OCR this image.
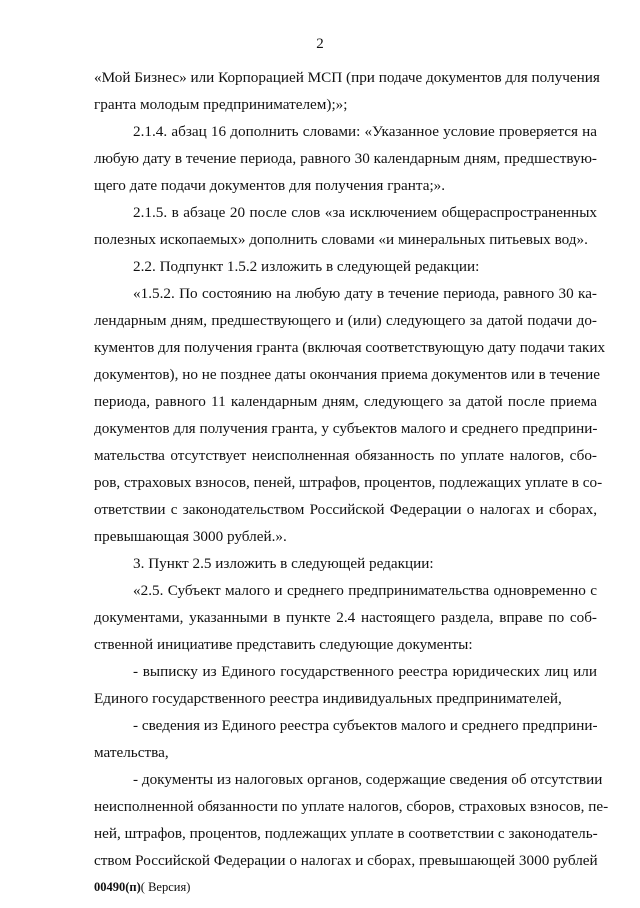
2
«Мой Бизнес» или Корпорацией МСП (при подаче документов для получения
гранта молодым предпринимателем);»;
2.1.4. абзац 16 дополнить словами: «Указанное условие проверяется на
любую дату в течение периода, равного 30 календарным дням, предшествую-
щего дате подачи документов для получения гранта;».
2.1.5. в абзаце 20 после слов «за исключением общераспространенных
полезных ископаемых» дополнить словами «и минеральных питьевых вод».
2.2. Подпункт 1.5.2 изложить в следующей редакции:
«1.5.2. По состоянию на любую дату в течение периода, равного 30 ка-
лендарным дням, предшествующего и (или) следующего за датой подачи до-
кументов для получения гранта (включая соответствующую дату подачи таких
документов), но не позднее даты окончания приема документов или в течение
периода, равного 11 календарным дням, следующего за датой после приема
документов для получения гранта, у субъектов малого и среднего предприни-
мательства отсутствует неисполненная обязанность по уплате налогов, сбо-
ров, страховых взносов, пеней, штрафов, процентов, подлежащих уплате в со-
ответствии с законодательством Российской Федерации о налогах и сборах,
превышающая 3000 рублей.».
3. Пункт 2.5 изложить в следующей редакции:
«2.5. Субъект малого и среднего предпринимательства одновременно с
документами, указанными в пункте 2.4 настоящего раздела, вправе по соб-
ственной инициативе представить следующие документы:
- выписку из Единого государственного реестра юридических лиц или
Единого государственного реестра индивидуальных предпринимателей,
- сведения из Единого реестра субъектов малого и среднего предприни-
мательства,
- документы из налоговых органов, содержащие сведения об отсутствии
неисполненной обязанности по уплате налогов, сборов, страховых взносов, пе-
ней, штрафов, процентов, подлежащих уплате в соответствии с законодатель-
ством Российской Федерации о налогах и сборах, превышающей 3000 рублей
00490(п)( Версия)
